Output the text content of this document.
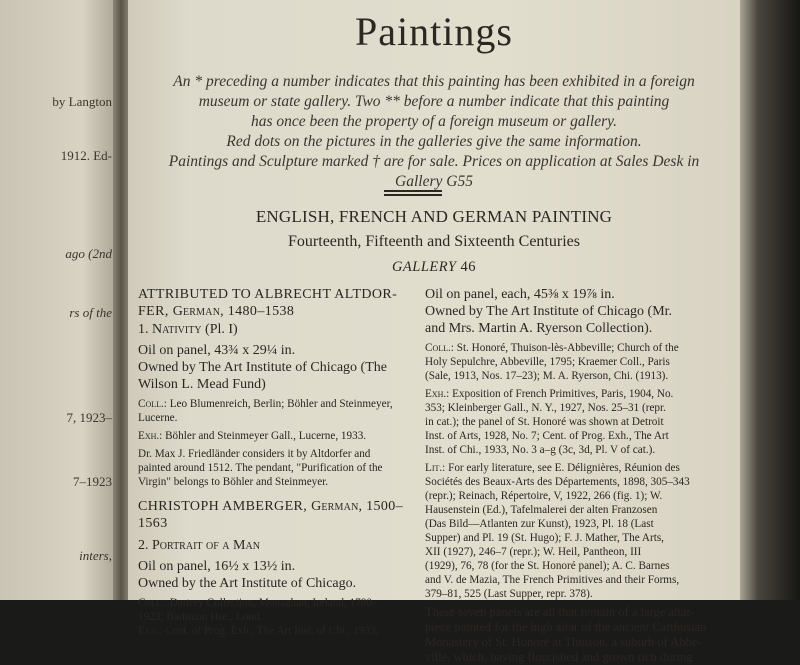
by Langton
1912. Ed-
ago (2nd
rs of the
7, 1923–
7–1923
inters,
Paintings
An * preceding a number indicates that this painting has been exhibited in a foreign
museum or state gallery. Two ** before a number indicate that this painting
has once been the property of a foreign museum or gallery.
Red dots on the pictures in the galleries give the same information.
Paintings and Sculpture marked † are for sale. Prices on application at Sales Desk in
Gallery G55
ENGLISH, FRENCH AND GERMAN PAINTING
Fourteenth, Fifteenth and Sixteenth Centuries
GALLERY 46
ATTRIBUTED TO ALBRECHT ALTDOR-
FER, German, 1480–1538
1. Nativity (Pl. I)
Oil on panel, 43¾ x 29¼ in.
Owned by The Art Institute of Chicago (The
Wilson L. Mead Fund)
Coll.: Leo Blumenreich, Berlin; Böhler and Steinmeyer,
Lucerne.
Exh.: Böhler and Steinmeyer Gall., Lucerne, 1933.
Dr. Max J. Friedländer considers it by Altdorfer and
painted around 1512. The pendant, "Purification of the
Virgin" belongs to Böhler and Steinmeyer.
CHRISTOPH AMBERGER, German, 1500–
1563
2. Portrait of a Man
Oil on panel, 16½ x 13½ in.
Owned by the Art Institute of Chicago.
Coll.: Dartrey Collection, Monaghan, Ireland, 1780–
1923; Barbizon Hse., Lond.
Exh.: Cent. of Prog. Exh., The Art Inst. of Chi., 1933,
Oil on panel, each, 45⅜ x 19⅞ in.
Owned by The Art Institute of Chicago (Mr.
and Mrs. Martin A. Ryerson Collection).
Coll.: St. Honoré, Thuison-lès-Abbeville; Church of the
Holy Sepulchre, Abbeville, 1795; Kraemer Coll., Paris
(Sale, 1913, Nos. 17–23); M. A. Ryerson, Chi. (1913).
Exh.: Exposition of French Primitives, Paris, 1904, No.
353; Kleinberger Gall., N. Y., 1927, Nos. 25–31 (repr.
in cat.); the panel of St. Honoré was shown at Detroit
Inst. of Arts, 1928, No. 7; Cent. of Prog. Exh., The Art
Inst. of Chi., 1933, No. 3 a–g (3c, 3d, Pl. V of cat.).
Lit.: For early literature, see E. Délignières, Réunion des
Sociétés des Beaux-Arts des Départements, 1898, 305–343
(repr.); Reinach, Répertoire, V, 1922, 266 (fig. 1); W.
Hausenstein (Ed.), Tafelmalerei der alten Franzosen
(Das Bild—Atlanten zur Kunst), 1923, Pl. 18 (Last
Supper) and Pl. 19 (St. Hugo); F. J. Mather, The Arts,
XII (1927), 246–7 (repr.); W. Heil, Pantheon, III
(1929), 76, 78 (for the St. Honoré panel); A. C. Barnes
and V. de Mazia, The French Primitives and their Forms,
379–81, 525 (Last Supper, repr. 378).
These seven panels are all that remain of a large altar-
piece painted for the high altar of the ancient Carthusian
Monastery of St. Honoré at Thuison, a suburb of Abbe-
ville, which, having flourished and grown rich during
